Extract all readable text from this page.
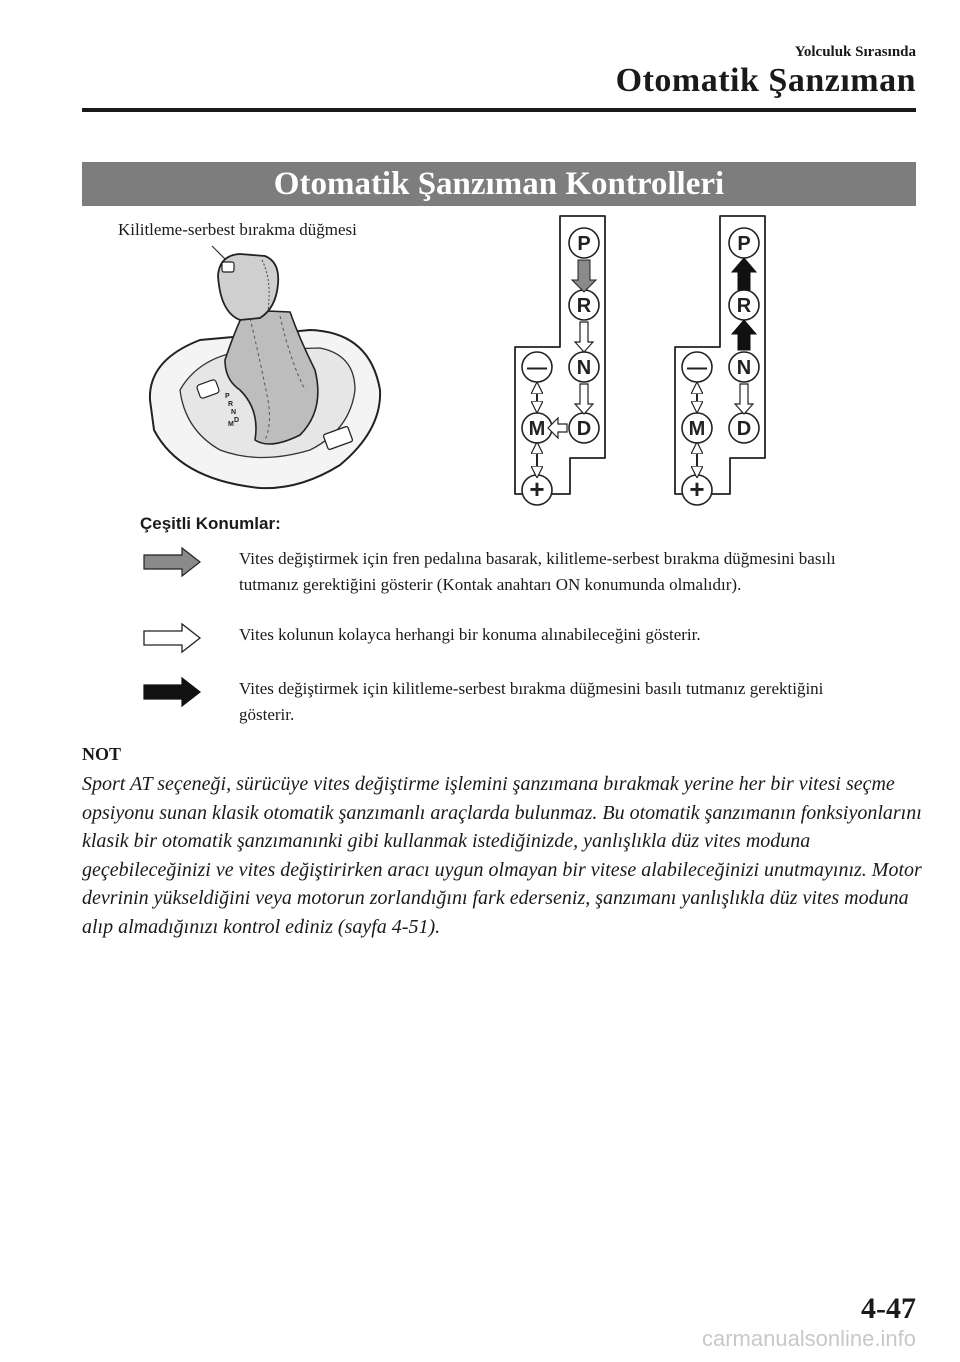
Yolculuk Sırasında
Otomatik Şanzıman
Otomatik Şanzıman Kontrolleri
Kilitleme-serbest bırakma düğmesi
P
R
N
D
M
P
R
N
D
M
—
+
P
R
N
D
M
—
+
Çeşitli Konumlar:
Vites değiştirmek için fren pedalına basarak, kilitleme-serbest bırakma düğmesini basılı tutmanız gerektiğini gösterir (Kontak anahtarı ON konumunda olmalıdır).
Vites kolunun kolayca herhangi bir konuma alınabileceğini gösterir.
Vites değiştirmek için kilitleme-serbest bırakma düğmesini basılı tutmanız gerektiğini gösterir.
NOT
Sport AT seçeneği, sürücüye vites değiştirme işlemini şanzımana bırakmak yerine her bir vitesi seçme opsiyonu sunan klasik otomatik şanzımanlı araçlarda bulunmaz. Bu otomatik şanzımanın fonksiyonlarını klasik bir otomatik şanzımanınki gibi kullanmak istediğinizde, yanlışlıkla düz vites moduna geçebileceğinizi ve vites değiştirirken aracı uygun olmayan bir vitese alabileceğinizi unutmayınız. Motor devrinin yükseldiğini veya motorun zorlandığını fark ederseniz, şanzımanı yanlışlıkla düz vites moduna alıp almadığınızı kontrol ediniz (sayfa 4-51).
4-47
carmanualsonline.info
